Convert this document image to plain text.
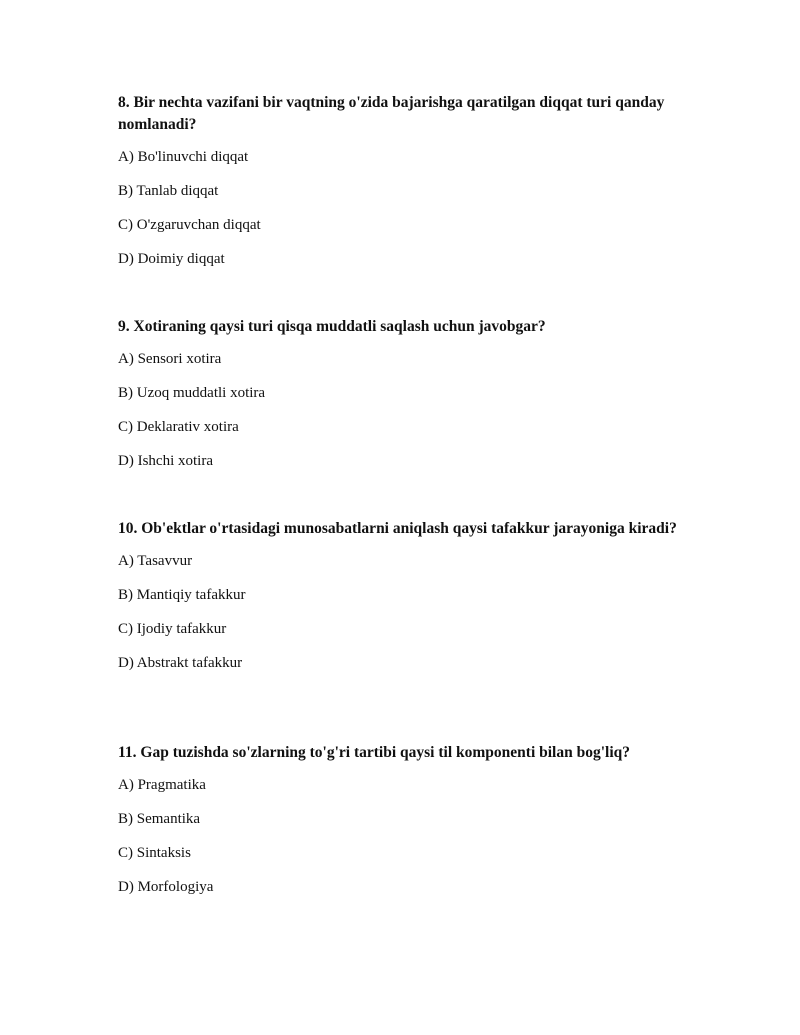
8. Bir nechta vazifani bir vaqtning o'zida bajarishga qaratilgan diqqat turi qanday nomlanadi?

A) Bo'linuvchi diqqat

B) Tanlab diqqat

C) O'zgaruvchan diqqat

D) Doimiy diqqat

9. Xotiraning qaysi turi qisqa muddatli saqlash uchun javobgar?

A) Sensori xotira

B) Uzoq muddatli xotira

C) Deklarativ xotira

D) Ishchi xotira

10. Ob'ektlar o'rtasidagi munosabatlarni aniqlash qaysi tafakkur jarayoniga kiradi?

A) Tasavvur

B) Mantiqiy tafakkur

C) Ijodiy tafakkur

D) Abstrakt tafakkur

11. Gap tuzishda so'zlarning to'g'ri tartibi qaysi til komponenti bilan bog'liq?

A) Pragmatika

B) Semantika

C) Sintaksis

D) Morfologiya
